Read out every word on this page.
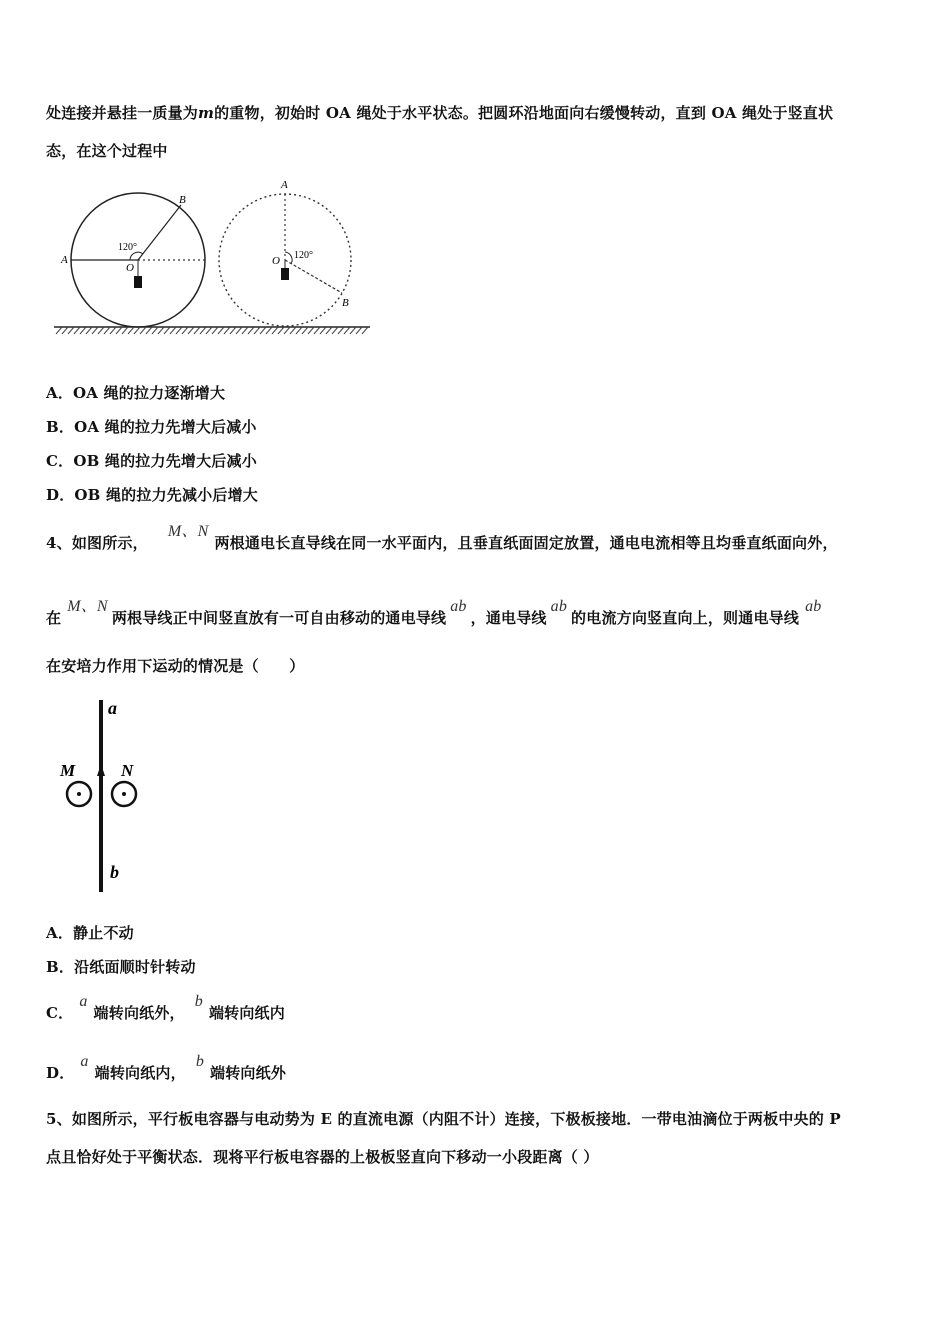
处连接并悬挂一质量为m的重物，初始时 OA 绳处于水平状态。把圆环沿地面向右缓慢转动，直到 OA 绳处于竖直状
态，在这个过程中
A
B
O
120°
A
B
O 120°
A．OA 绳的拉力逐渐增大
B．OA 绳的拉力先增大后减小
C．OB 绳的拉力先增大后减小
D．OB 绳的拉力先减小后增大
4、如图所示，M、N两根通电长直导线在同一水平面内，且垂直纸面固定放置，通电电流相等且均垂直纸面向外，
在M、N两根导线正中间竖直放有一可自由移动的通电导线ab，通电导线ab的电流方向竖直向上，则通电导线ab
在安培力作用下运动的情况是（　　）
a
b
M	N
A．静止不动
B．沿纸面顺时针转动
C．a端转向纸外，b端转向纸内
D．a端转向纸内，b端转向纸外
5、如图所示，平行板电容器与电动势为 E 的直流电源（内阻不计）连接，下极板接地．一带电油滴位于两板中央的 P
点且恰好处于平衡状态．现将平行板电容器的上极板竖直向下移动一小段距离（ ）
